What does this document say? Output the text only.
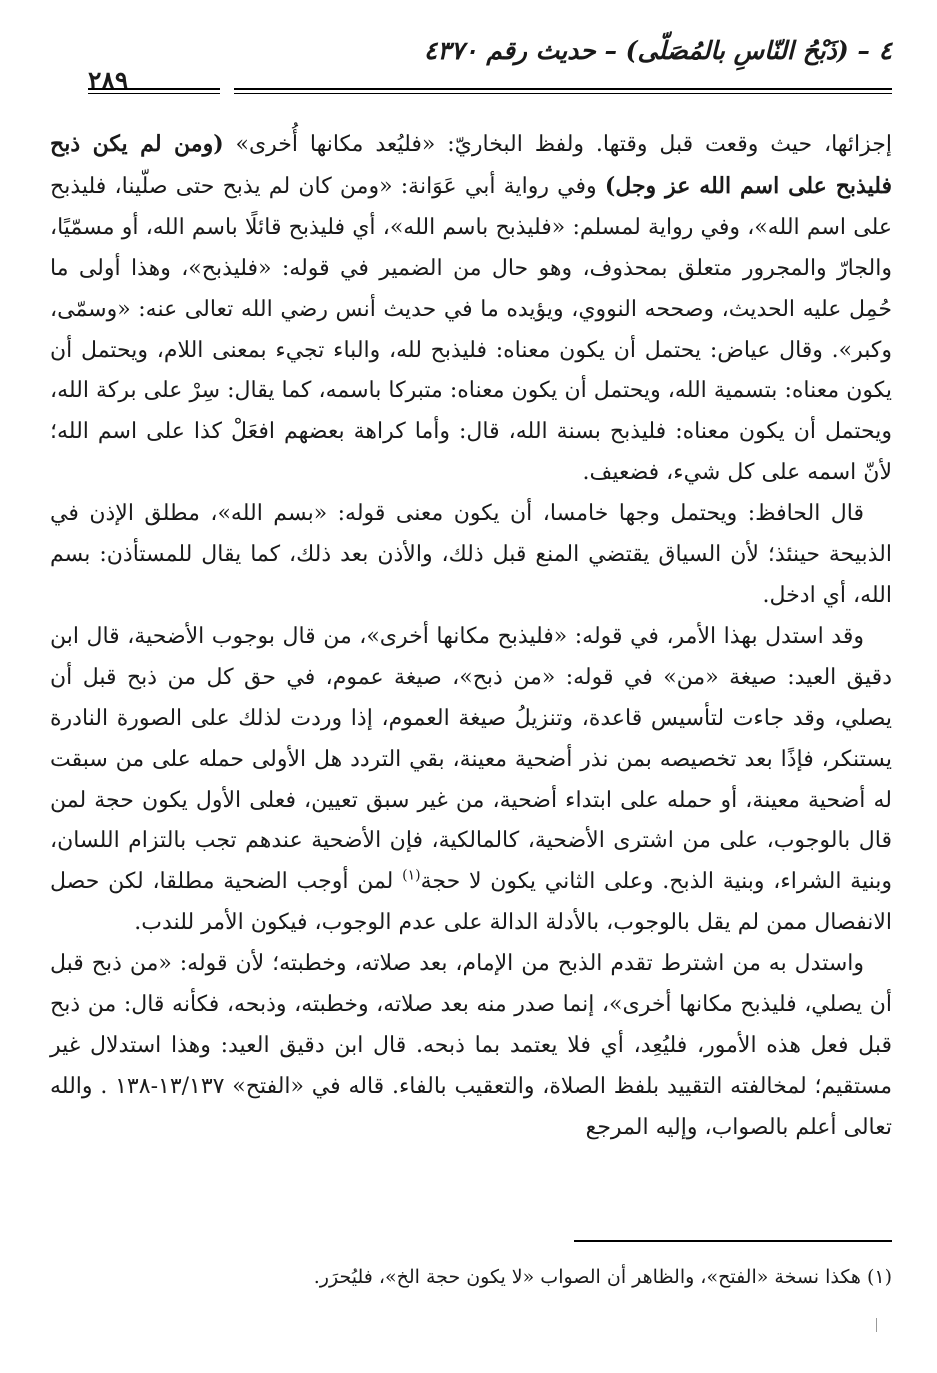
٤ – (ذَبْحُ النّاسِ بالمُصَلّى) – حديث رقم ٤٣٧٠
٢٨٩

إجزائها، حيث وقعت قبل وقتها. ولفظ البخاريّ: «فليُعد مكانها أُخرى» (ومن لم يكن ذبح فليذبح على اسم الله عز وجل) وفي رواية أبي عَوَانة: «ومن كان لم يذبح حتى صلّينا، فليذبح على اسم الله»، وفي رواية لمسلم: «فليذبح باسم الله»، أي فليذبح قائلًا باسم الله، أو مسمّيًا، والجارّ والمجرور متعلق بمحذوف، وهو حال من الضمير في قوله: «فليذبح»، وهذا أولى ما حُمِل عليه الحديث، وصححه النووي، ويؤيده ما في حديث أنس رضي الله تعالى عنه: «وسمّى، وكبر». وقال عياض: يحتمل أن يكون معناه: فليذبح لله، والباء تجيء بمعنى اللام، ويحتمل أن يكون معناه: بتسمية الله، ويحتمل أن يكون معناه: متبركا باسمه، كما يقال: سِرْ على بركة الله، ويحتمل أن يكون معناه: فليذبح بسنة الله، قال: وأما كراهة بعضهم افعَلْ كذا على اسم الله؛ لأنّ اسمه على كل شيء، فضعيف.

قال الحافظ: ويحتمل وجها خامسا، أن يكون معنى قوله: «بسم الله»، مطلق الإذن في الذبيحة حينئذ؛ لأن السياق يقتضي المنع قبل ذلك، والأذن بعد ذلك، كما يقال للمستأذن: بسم الله، أي ادخل.

وقد استدل بهذا الأمر، في قوله: «فليذبح مكانها أخرى»، من قال بوجوب الأضحية، قال ابن دقيق العيد: صيغة «من» في قوله: «من ذبح»، صيغة عموم، في حق كل من ذبح قبل أن يصلي، وقد جاءت لتأسيس قاعدة، وتنزيلُ صيغة العموم، إذا وردت لذلك على الصورة النادرة يستنكر، فإذًا بعد تخصيصه بمن نذر أضحية معينة، بقي التردد هل الأولى حمله على من سبقت له أضحية معينة، أو حمله على ابتداء أضحية، من غير سبق تعيين، فعلى الأول يكون حجة لمن قال بالوجوب، على من اشترى الأضحية، كالمالكية، فإن الأضحية عندهم تجب بالتزام اللسان، وبنية الشراء، وبنية الذبح. وعلى الثاني يكون لا حجة$^{(١)}$ لمن أوجب الضحية مطلقا، لكن حصل الانفصال ممن لم يقل بالوجوب، بالأدلة الدالة على عدم الوجوب، فيكون الأمر للندب.

واستدل به من اشترط تقدم الذبح من الإمام، بعد صلاته، وخطبته؛ لأن قوله: «من ذبح قبل أن يصلي، فليذبح مكانها أخرى»، إنما صدر منه بعد صلاته، وخطبته، وذبحه، فكأنه قال: من ذبح قبل فعل هذه الأمور، فليُعِد، أي فلا يعتمد بما ذبحه. قال ابن دقيق العيد: وهذا استدلال غير مستقيم؛ لمخالفته التقييد بلفظ الصلاة، والتعقيب بالفاء. قاله في «الفتح» ١٣/١٣٧-١٣٨ . والله تعالى أعلم بالصواب، وإليه المرجع

(١) هكذا نسخة «الفتح»، والظاهر أن الصواب «لا يكون حجة الخ»، فليُحرَر.
